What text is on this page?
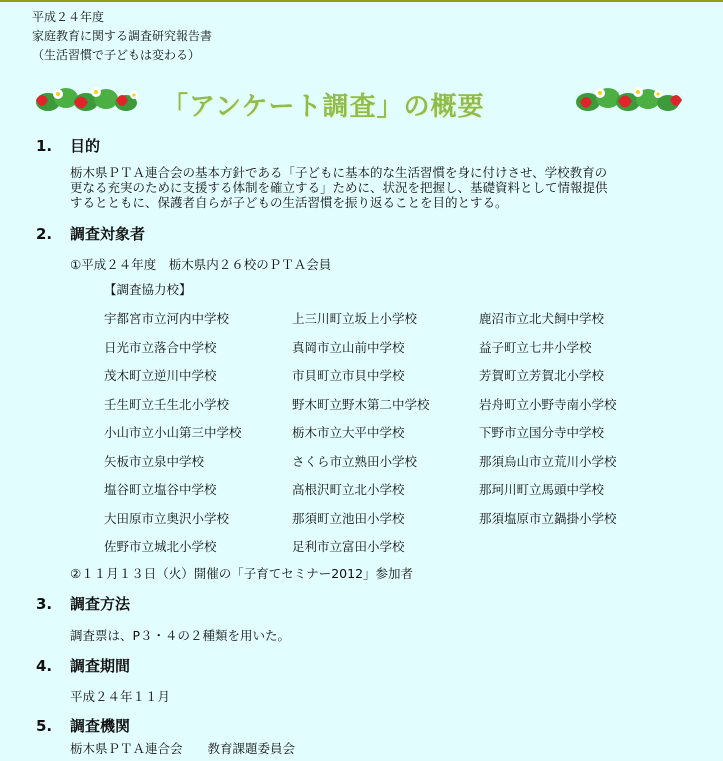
平成２４年度
家庭教育に関する調査研究報告書
（生活習慣で子どもは変わる）
「アンケート調査」の概要
1. 目的
栃木県ＰＴＡ連合会の基本方針である「子どもに基本的な生活習慣を身に付けさせ、学校教育の
更なる充実のために支援する体制を確立する」ために、状況を把握し、基礎資料として情報提供
するとともに、保護者自らが子どもの生活習慣を振り返ることを目的とする。
2. 調査対象者
①平成２４年度　栃木県内２６校のＰＴＡ会員
【調査協力校】
宇都宮市立河内中学校	上三川町立坂上小学校	鹿沼市立北犬飼中学校
日光市立落合中学校	真岡市立山前中学校	益子町立七井小学校
茂木町立逆川中学校	市貝町立市貝中学校	芳賀町立芳賀北小学校
壬生町立壬生北小学校	野木町立野木第二中学校	岩舟町立小野寺南小学校
小山市立小山第三中学校	栃木市立大平中学校	下野市立国分寺中学校
矢板市立泉中学校	さくら市立熟田小学校	那須烏山市立荒川小学校
塩谷町立塩谷中学校	高根沢町立北小学校	那珂川町立馬頭中学校
大田原市立奥沢小学校	那須町立池田小学校	那須塩原市立鍋掛小学校
佐野市立城北小学校	足利市立富田小学校
②１１月１３日（火）開催の「子育てセミナー2012」参加者
3. 調査方法
調査票は、P３・４の２種類を用いた。
4. 調査期間
平成２４年１１月
5. 調査機関
栃木県ＰＴＡ連合会　　教育課題委員会
